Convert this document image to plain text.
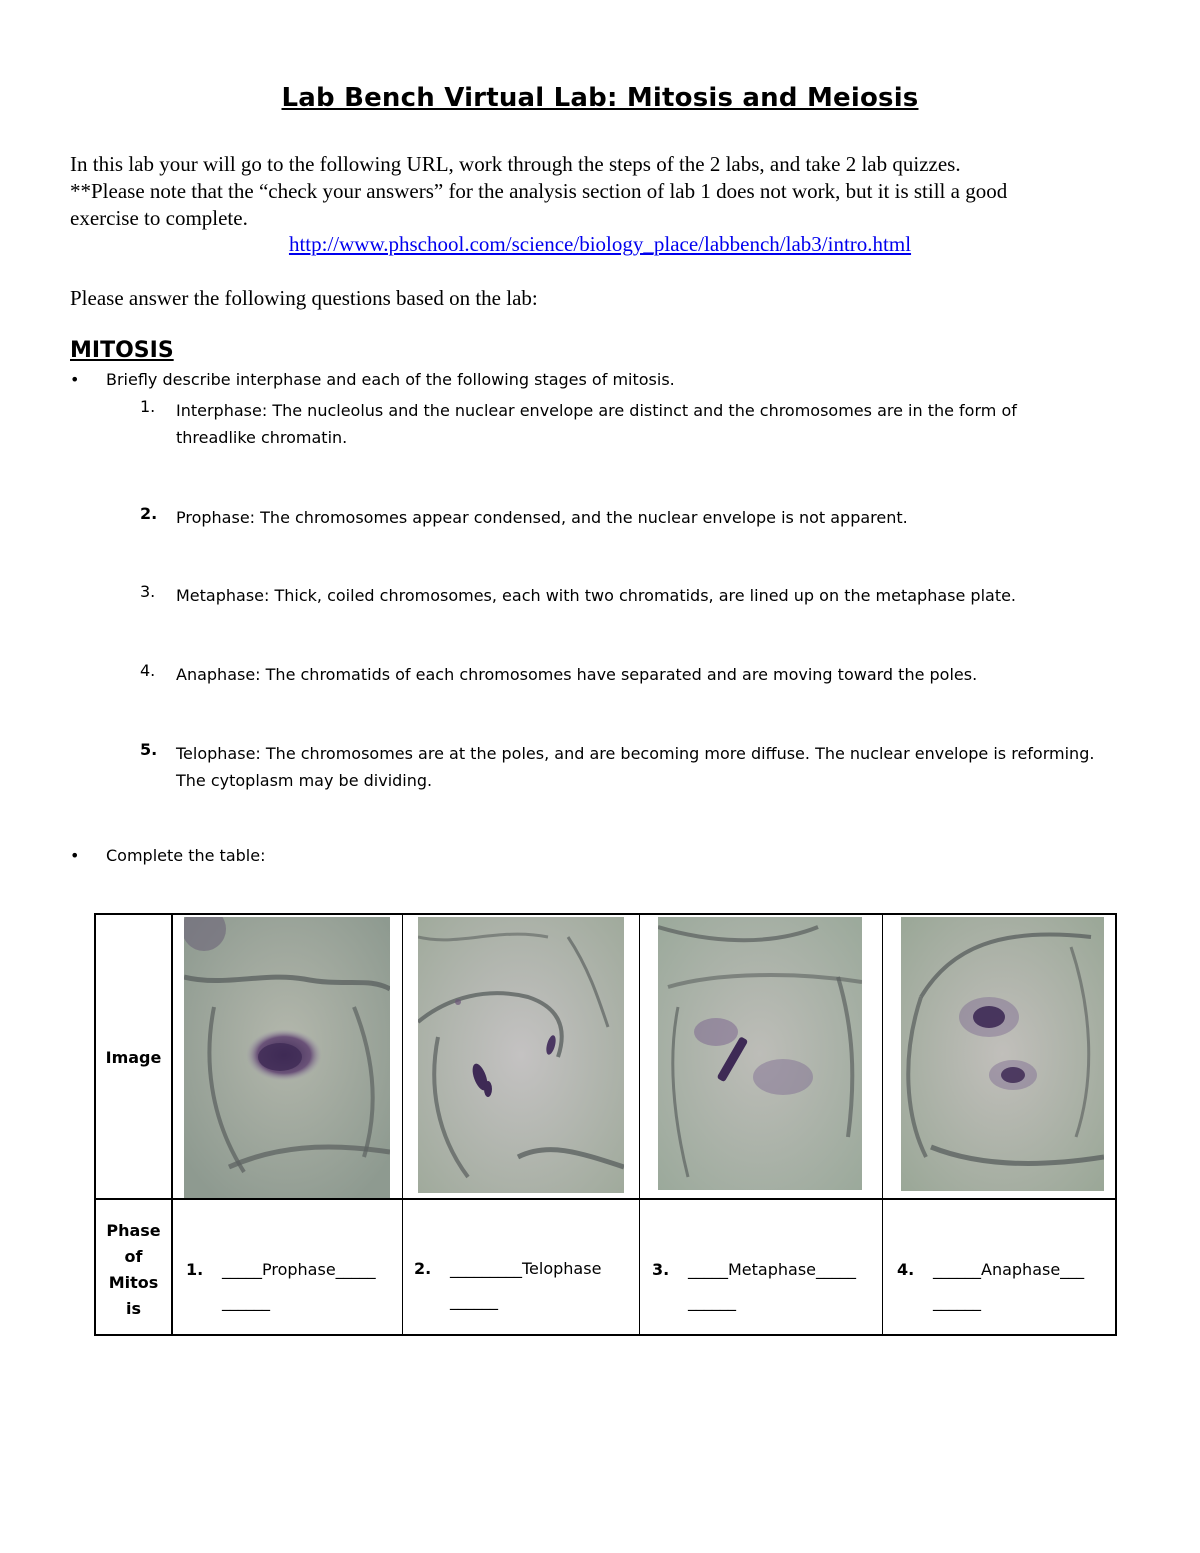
Lab Bench Virtual Lab: Mitosis and Meiosis

In this lab your will go to the following URL, work through the steps of the 2 labs, and take 2 lab quizzes.

**Please note that the “check your answers” for the analysis section of lab 1 does not work, but it is still a good

exercise to complete.

http://www.phschool.com/science/biology_place/labbench/lab3/intro.html
Please answer the following questions based on the lab:
MITOSIS
• Briefly describe interphase and each of the following stages of mitosis.
1. Interphase: The nucleolus and the nuclear envelope are distinct and the chromosomes are in the form of threadlike chromatin.
2. Prophase: The chromosomes appear condensed, and the nuclear envelope is not apparent.
3. Metaphase: Thick, coiled chromosomes, each with two chromatids, are lined up on the metaphase plate.
4. Anaphase: The chromatids of each chromosomes have separated and are moving toward the poles.
5. Telophase: The chromosomes are at the poles, and are becoming more diffuse. The nuclear envelope is reforming. The cytoplasm may be dividing.
• Complete the table:
Image
Phase
of
Mitos
is
1. _____Prophase_____
______
2. _________Telophase
______
3. _____Metaphase_____
______
4. ______Anaphase___
______
